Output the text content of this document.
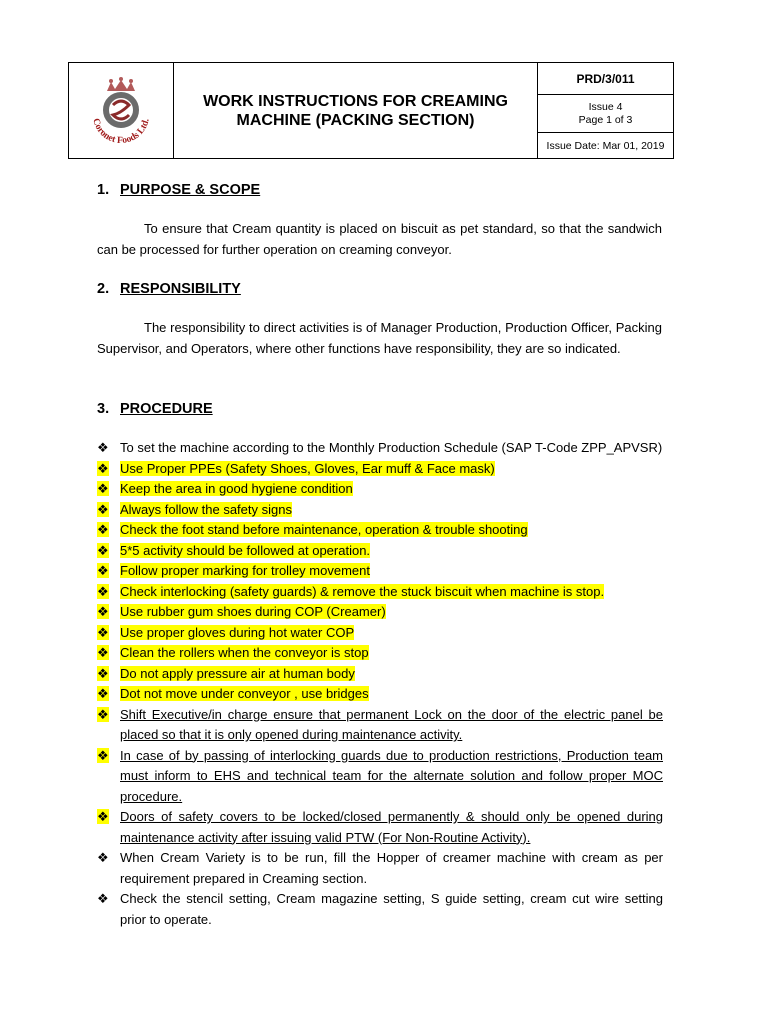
Coronet Foods Ltd.
WORK INSTRUCTIONS FOR CREAMING
MACHINE (PACKING SECTION)
PRD/3/011
Issue 4
Page 1 of 3
Issue Date: Mar 01, 2019
1. PURPOSE & SCOPE
To ensure that Cream quantity is placed on biscuit as pet standard, so that the sandwich can be processed for further operation on creaming conveyor.
2. RESPONSIBILITY
The responsibility to direct activities is of Manager Production, Production Officer, Packing Supervisor, and Operators, where other functions have responsibility, they are so indicated.
3. PROCEDURE
❖ To set the machine according to the Monthly Production Schedule (SAP T-Code ZPP_APVSR)
❖ Use Proper PPEs (Safety Shoes, Gloves, Ear muff & Face mask)
❖ Keep the area in good hygiene condition
❖ Always follow the safety signs
❖ Check the foot stand before maintenance, operation & trouble shooting
❖ 5*5 activity should be followed at operation.
❖ Follow proper marking for trolley movement
❖ Check interlocking (safety guards) & remove the stuck biscuit when machine is stop.
❖ Use rubber gum shoes during COP (Creamer)
❖ Use proper gloves during hot water COP
❖ Clean the rollers when the conveyor is stop
❖ Do not apply pressure air at human body
❖ Dot not move under conveyor , use bridges
❖ Shift Executive/in charge ensure that permanent Lock on the door of the electric panel be placed so that it is only opened during maintenance activity.
❖ In case of by passing of interlocking guards due to production restrictions, Production team must inform to EHS and technical team for the alternate solution and follow proper MOC procedure.
❖ Doors of safety covers to be locked/closed permanently & should only be opened during maintenance activity after issuing valid PTW (For Non-Routine Activity).
❖ When Cream Variety is to be run, fill the Hopper of creamer machine with cream as per requirement prepared in Creaming section.
❖ Check the stencil setting, Cream magazine setting, S guide setting, cream cut wire setting prior to operate.
